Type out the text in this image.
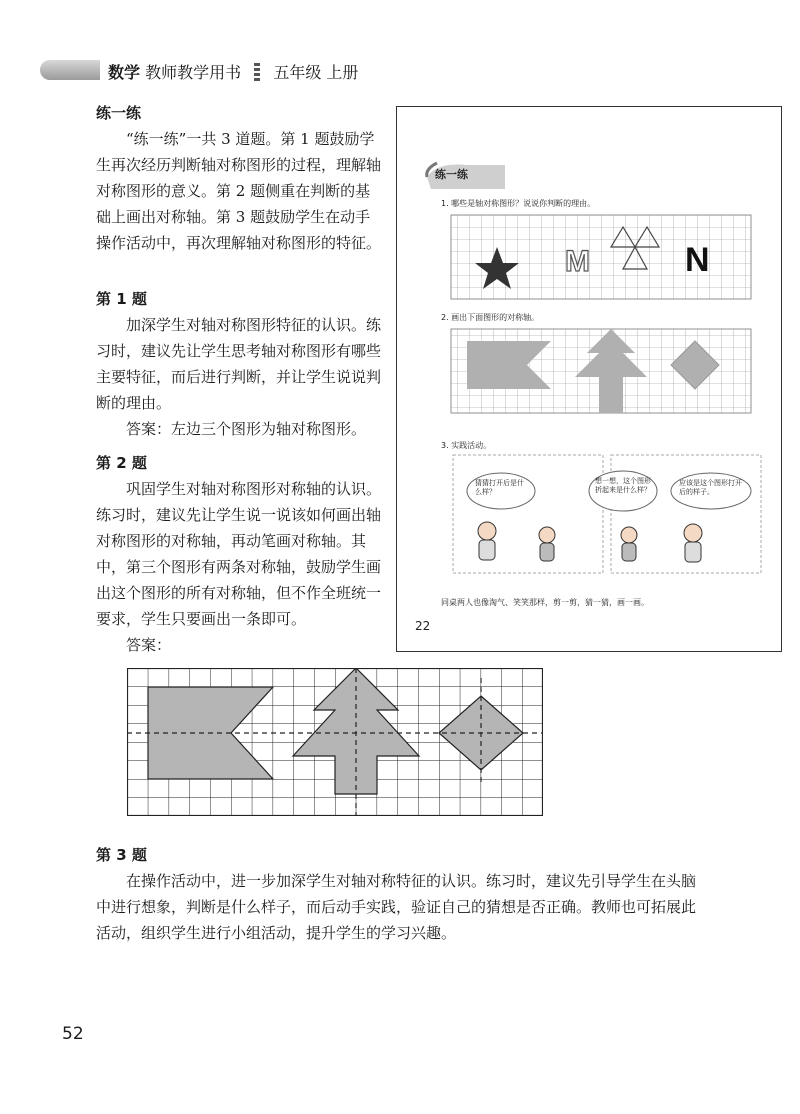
数学 教师教学用书 五年级 上册
练一练

“练一练”一共 3 道题。第 1 题鼓励学生再次经历判断轴对称图形的过程，理解轴对称图形的意义。第 2 题侧重在判断的基础上画出对称轴。第 3 题鼓励学生在动手操作活动中，再次理解轴对称图形的特征。

第 1 题

加深学生对轴对称图形特征的认识。练习时，建议先让学生思考轴对称图形有哪些主要特征，而后进行判断，并让学生说说判断的理由。

答案：左边三个图形为轴对称图形。

第 2 题

巩固学生对轴对称图形对称轴的认识。练习时，建议先让学生说一说该如何画出轴对称图形的对称轴，再动笔画对称轴。其中，第三个图形有两条对称轴，鼓励学生画出这个图形的所有对称轴，但不作全班统一要求，学生只要画出一条即可。

答案：

M	N
练一练
1. 哪些是轴对称图形？说说你判断的理由。
2. 画出下面图形的对称轴。
3. 实践活动。
猜猜打开后是什么样？
想一想，这个图形折起来是什么样？
应该是这个图形打开后的样子。
同桌两人也像淘气、笑笑那样，剪一剪，猜一猜，画一画。
22
第 3 题

在操作活动中，进一步加深学生对轴对称特征的认识。练习时，建议先引导学生在头脑中进行想象，判断是什么样子，而后动手实践，验证自己的猜想是否正确。教师也可拓展此活动，组织学生进行小组活动，提升学生的学习兴趣。

52
